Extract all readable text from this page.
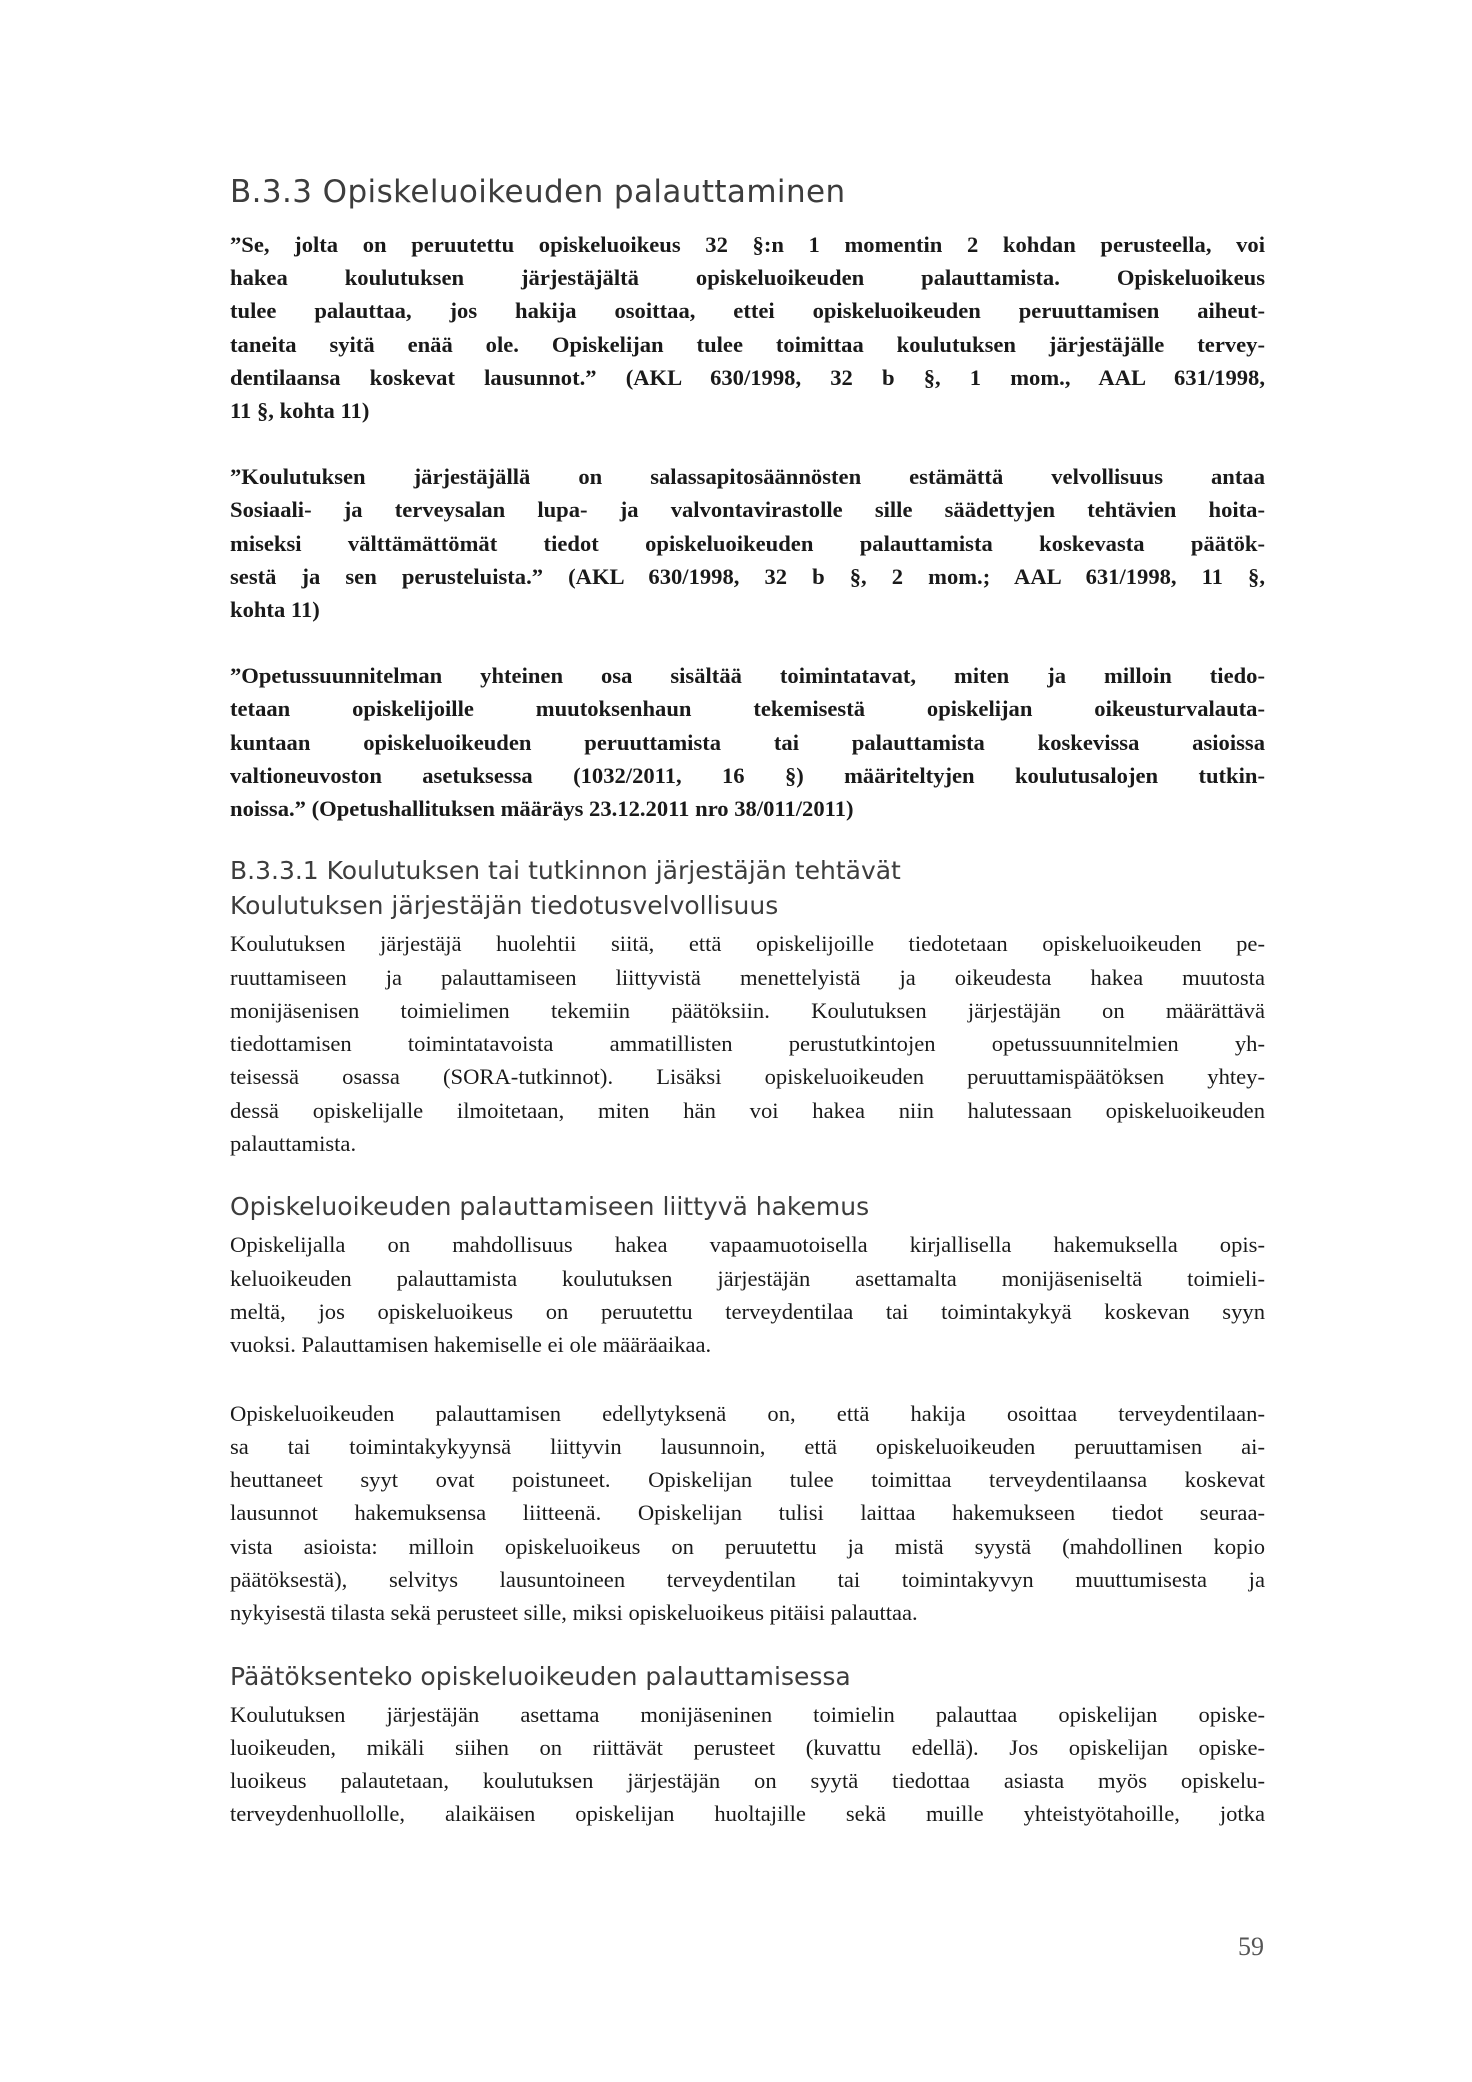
B.3.3 Opiskeluoikeuden palauttaminen

”Se, jolta on peruutettu opiskeluoikeus 32 §:n 1 momentin 2 kohdan perusteella, voi
hakea koulutuksen järjestäjältä opiskeluoikeuden palauttamista. Opiskeluoikeus
tulee palauttaa, jos hakija osoittaa, ettei opiskeluoikeuden peruuttamisen aiheut-
taneita syitä enää ole. Opiskelijan tulee toimittaa koulutuksen järjestäjälle tervey-
dentilaansa koskevat lausunnot.” (AKL 630/1998, 32 b §, 1 mom., AAL 631/1998,
11 §, kohta 11)

”Koulutuksen järjestäjällä on salassapitosäännösten estämättä velvollisuus antaa
Sosiaali- ja terveysalan lupa- ja valvontavirastolle sille säädettyjen tehtävien hoita-
miseksi välttämättömät tiedot opiskeluoikeuden palauttamista koskevasta päätök-
sestä ja sen perusteluista.” (AKL 630/1998, 32 b §, 2 mom.; AAL 631/1998, 11 §,
kohta 11)

”Opetussuunnitelman yhteinen osa sisältää toimintatavat, miten ja milloin tiedo-
tetaan opiskelijoille muutoksenhaun tekemisestä opiskelijan oikeusturvalauta-
kuntaan opiskeluoikeuden peruuttamista tai palauttamista koskevissa asioissa
valtioneuvoston asetuksessa (1032/2011, 16 §) määriteltyjen koulutusalojen tutkin-
noissa.” (Opetushallituksen määräys 23.12.2011 nro 38/011/2011)

B.3.3.1 Koulutuksen tai tutkinnon järjestäjän tehtävät
Koulutuksen järjestäjän tiedotusvelvollisuus

Koulutuksen järjestäjä huolehtii siitä, että opiskelijoille tiedotetaan opiskeluoikeuden pe-
ruuttamiseen ja palauttamiseen liittyvistä menettelyistä ja oikeudesta hakea muutosta
monijäsenisen toimielimen tekemiin päätöksiin. Koulutuksen järjestäjän on määrättävä
tiedottamisen toimintatavoista ammatillisten perustutkintojen opetussuunnitelmien yh-
teisessä osassa (SORA-tutkinnot). Lisäksi opiskeluoikeuden peruuttamispäätöksen yhtey-
dessä opiskelijalle ilmoitetaan, miten hän voi hakea niin halutessaan opiskeluoikeuden
palauttamista.

Opiskeluoikeuden palauttamiseen liittyvä hakemus

Opiskelijalla on mahdollisuus hakea vapaamuotoisella kirjallisella hakemuksella opis-
keluoikeuden palauttamista koulutuksen järjestäjän asettamalta monijäseniseltä toimieli-
meltä, jos opiskeluoikeus on peruutettu terveydentilaa tai toimintakykyä koskevan syyn
vuoksi. Palauttamisen hakemiselle ei ole määräaikaa.

Opiskeluoikeuden palauttamisen edellytyksenä on, että hakija osoittaa terveydentilaan-
sa tai toimintakykyynsä liittyvin lausunnoin, että opiskeluoikeuden peruuttamisen ai-
heuttaneet syyt ovat poistuneet. Opiskelijan tulee toimittaa terveydentilaansa koskevat
lausunnot hakemuksensa liitteenä. Opiskelijan tulisi laittaa hakemukseen tiedot seuraa-
vista asioista: milloin opiskeluoikeus on peruutettu ja mistä syystä (mahdollinen kopio
päätöksestä), selvitys lausuntoineen terveydentilan tai toimintakyvyn muuttumisesta ja
nykyisestä tilasta sekä perusteet sille, miksi opiskeluoikeus pitäisi palauttaa.

Päätöksenteko opiskeluoikeuden palauttamisessa

Koulutuksen järjestäjän asettama monijäseninen toimielin palauttaa opiskelijan opiske-
luoikeuden, mikäli siihen on riittävät perusteet (kuvattu edellä). Jos opiskelijan opiske-
luoikeus palautetaan, koulutuksen järjestäjän on syytä tiedottaa asiasta myös opiskelu-
terveydenhuollolle, alaikäisen opiskelijan huoltajille sekä muille yhteistyötahoille, jotka

59
